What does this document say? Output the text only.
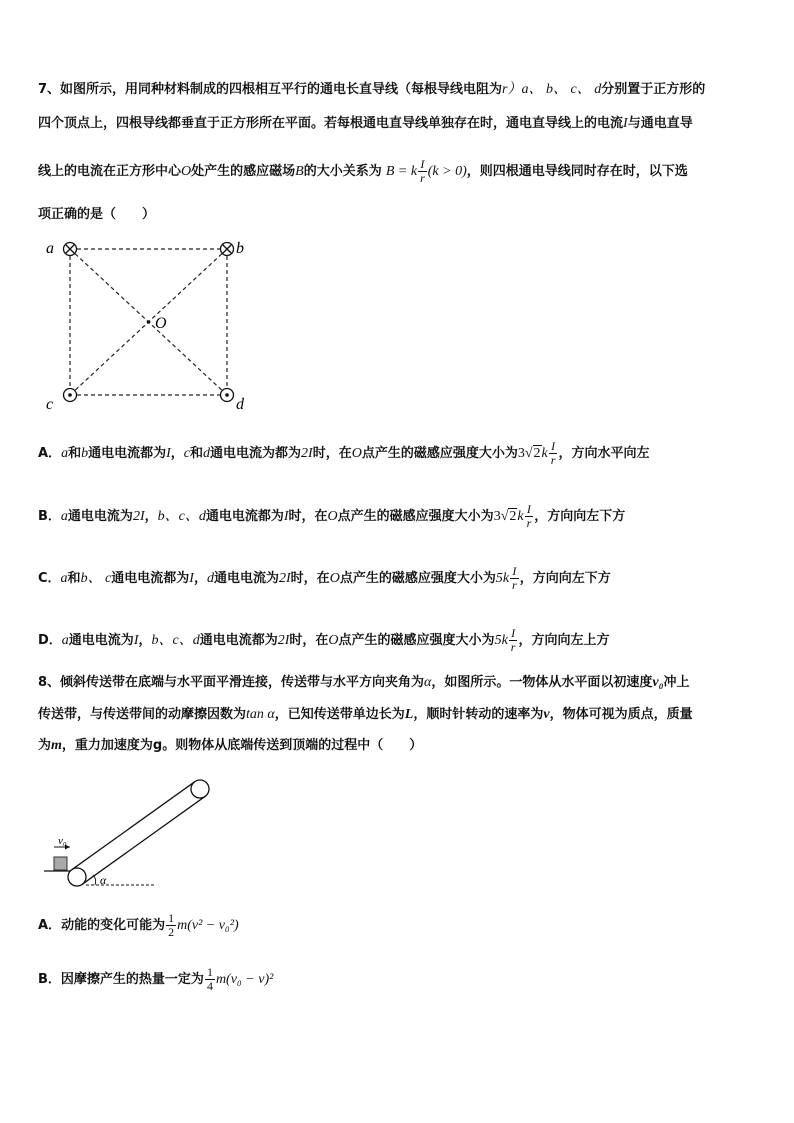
7、如图所示，用同种材料制成的四根相互平行的通电长直导线（每根导线电阻为r）a、 b、 c、 d分别置于正方形的
四个顶点上，四根导线都垂直于正方形所在平面。若每根通电直导线单独存在时，通电直导线上的电流I与通电直导
线上的电流在正方形中心O处产生的感应磁场B的大小关系为 B = k $\frac{I}{r} (k > 0)$，则四根通电导线同时存在时，以下选
项正确的是（　　）
a	b
c	d
O
A．a和b通电电流都为I，c和d通电电流为都为2I时，在O点产生的磁感应强度大小为$3√2k \frac{I}{r}$ ，方向水平向左
B．a通电电流为2I，b、c、d通电电流都为I时，在O点产生的磁感应强度大小为$3√2k \frac{I}{r}$ ，方向向左下方
C．a和b、 c通电电流都为I，d通电电流为2I时，在O点产生的磁感应强度大小为$5k \frac{I}{r}$ ，方向向左下方
D．a通电电流为I，b、c、d通电电流都为2I时，在O点产生的磁感应强度大小为$5k \frac{I}{r}$ ，方向向左上方
8、倾斜传送带在底端与水平面平滑连接，传送带与水平方向夹角为α，如图所示。一物体从水平面以初速度v₀冲上
传送带，与传送带间的动摩擦因数为tan α，已知传送带单边长为L，顺时针转动的速率为v，物体可视为质点，质量
为m，重力加速度为g。则物体从底端传送到顶端的过程中（　　）
v₀
α
A．动能的变化可能为 $\frac{1}{2} m(v^2 - v_0^2)$
B．因摩擦产生的热量一定为 $\frac{1}{4} m(v_0 - v)^2$
